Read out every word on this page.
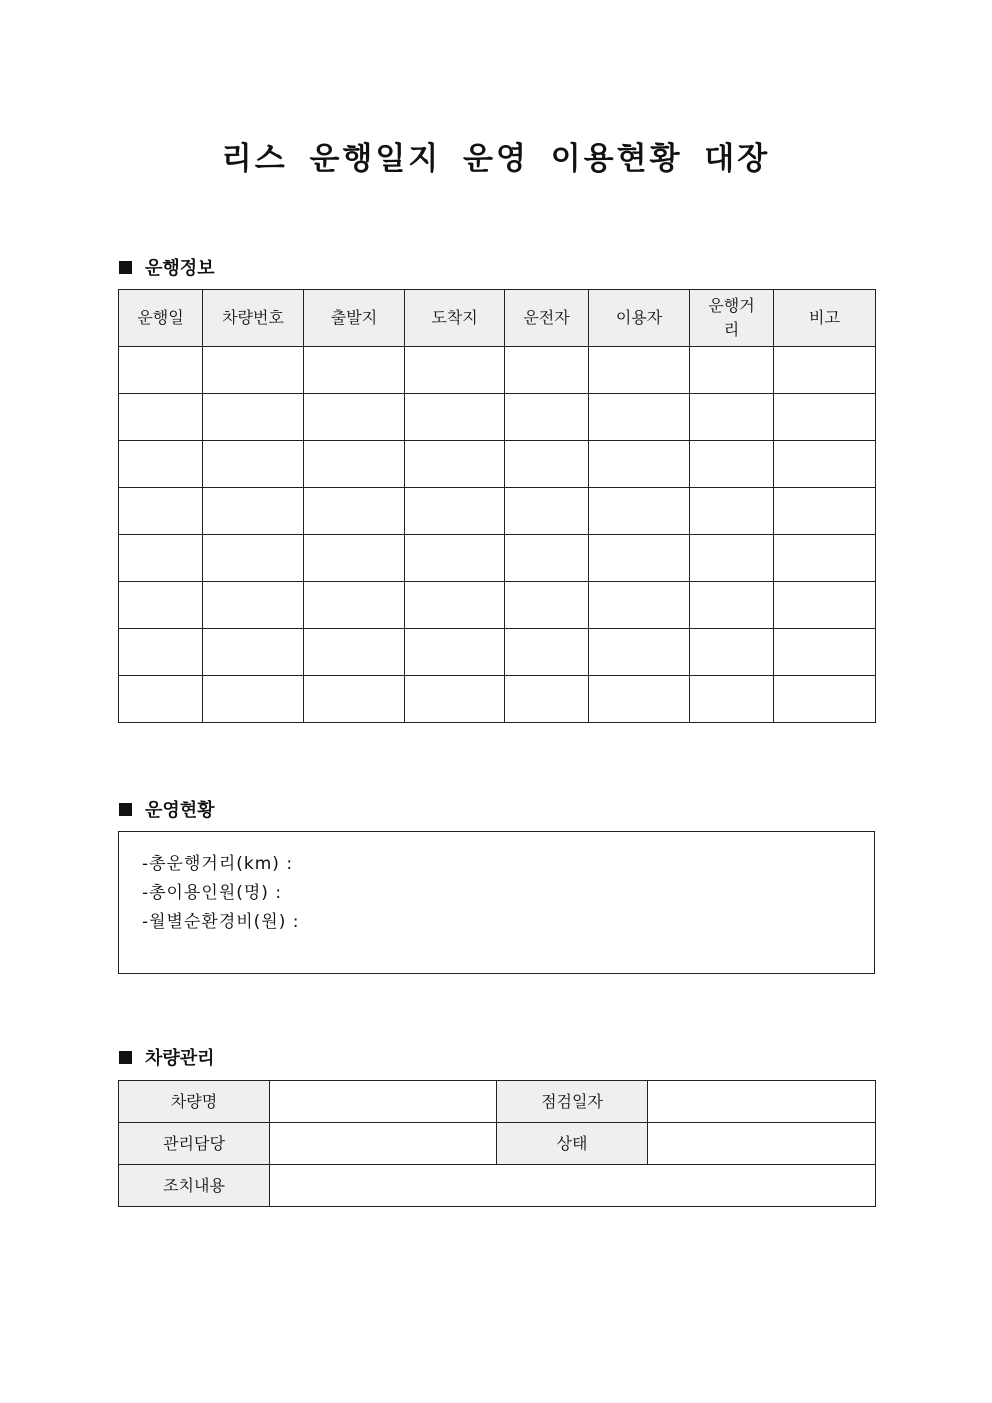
리스 운행일지 운영 이용현황 대장
운행정보
운행일	차량번호	출발지	도착지	운전자	이용자	운행거리	비고

운영현황
-총운행거리(km) :
-총이용인원(명) :
-월별순환경비(원) :
차량관리
차량명		점검일자	
관리담당		상태	
조치내용			
